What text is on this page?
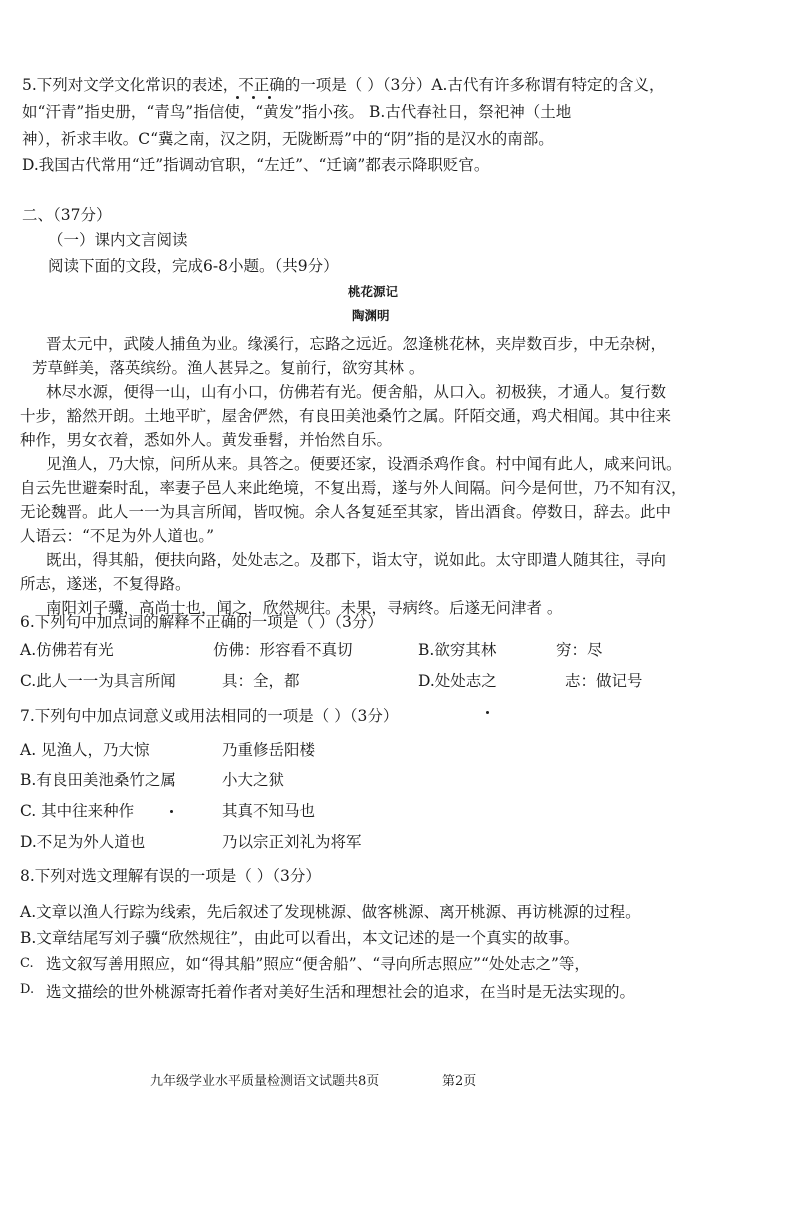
5.下列对文学文化常识的表述，不正确的一项是（ ）（3分）A.古代有许多称谓有特定的含义，
如“汗青”指史册，“青鸟”指信使，“黄发”指小孩。 B.古代春社日，祭祀神（土地
神），祈求丰收。C“冀之南，汉之阴，无陇断焉”中的“阴”指的是汉水的南部。
D.我国古代常用“迁”指调动官职，“左迁”、“迁谪”都表示降职贬官。
二、（37分）
（一）课内文言阅读
阅读下面的文段，完成6-8小题。（共9分）
桃花源记
陶渊明
晋太元中，武陵人捕鱼为业。缘溪行，忘路之远近。忽逢桃花林，夹岸数百步，中无杂树，
芳草鲜美，落英缤纷。渔人甚异之。复前行，欲穷其林 。
林尽水源，便得一山，山有小口，仿佛若有光。便舍船，从口入。初极狭，才通人。复行数
十步，豁然开朗。土地平旷，屋舍俨然，有良田美池桑竹之属。阡陌交通，鸡犬相闻。其中往来
种作，男女衣着，悉如外人。黄发垂髫，并怡然自乐。
见渔人，乃大惊，问所从来。具答之。便要还家，设酒杀鸡作食。村中闻有此人，咸来问讯。
自云先世避秦时乱，率妻子邑人来此绝境，不复出焉，遂与外人间隔。问今是何世，乃不知有汉，
无论魏晋。此人一一为具言所闻，皆叹惋。余人各复延至其家，皆出酒食。停数日，辞去。此中
人语云：“不足为外人道也。”
既出，得其船，便扶向路，处处志之。及郡下，诣太守，说如此。太守即遣人随其往，寻向
所志，遂迷，不复得路。
南阳刘子骥，高尚士也，闻之，欣然规往。未果，寻病终。后遂无问津者 。
6.下列句中加点词的解释不正确的一项是（ ）（3分）
A.仿佛若有光	仿佛：形容看不真切	B.欲穷其林	穷：尽
C.此人一一为具言所闻	具：全，都	D.处处志之	志：做记号
7.下列句中加点词意义或用法相同的一项是（ ）（3分）
A. 见渔人，乃大惊	乃重修岳阳楼
B.有良田美池桑竹之属	小大之狱
C. 其中往来种作	其真不知马也
D.不足为外人道也	乃以宗正刘礼为将军
8.下列对选文理解有误的一项是（ ）（3分）
A.文章以渔人行踪为线索，先后叙述了发现桃源、做客桃源、离开桃源、再访桃源的过程。
B.文章结尾写刘子骥“欣然规往”，由此可以看出，本文记述的是一个真实的故事。
C. 选文叙写善用照应，如“得其船”照应“便舍船”、“寻向所志照应”“处处志之”等，
D. 选文描绘的世外桃源寄托着作者对美好生活和理想社会的追求，在当时是无法实现的。
九年级学业水平质量检测语文试题共8页	第2页
